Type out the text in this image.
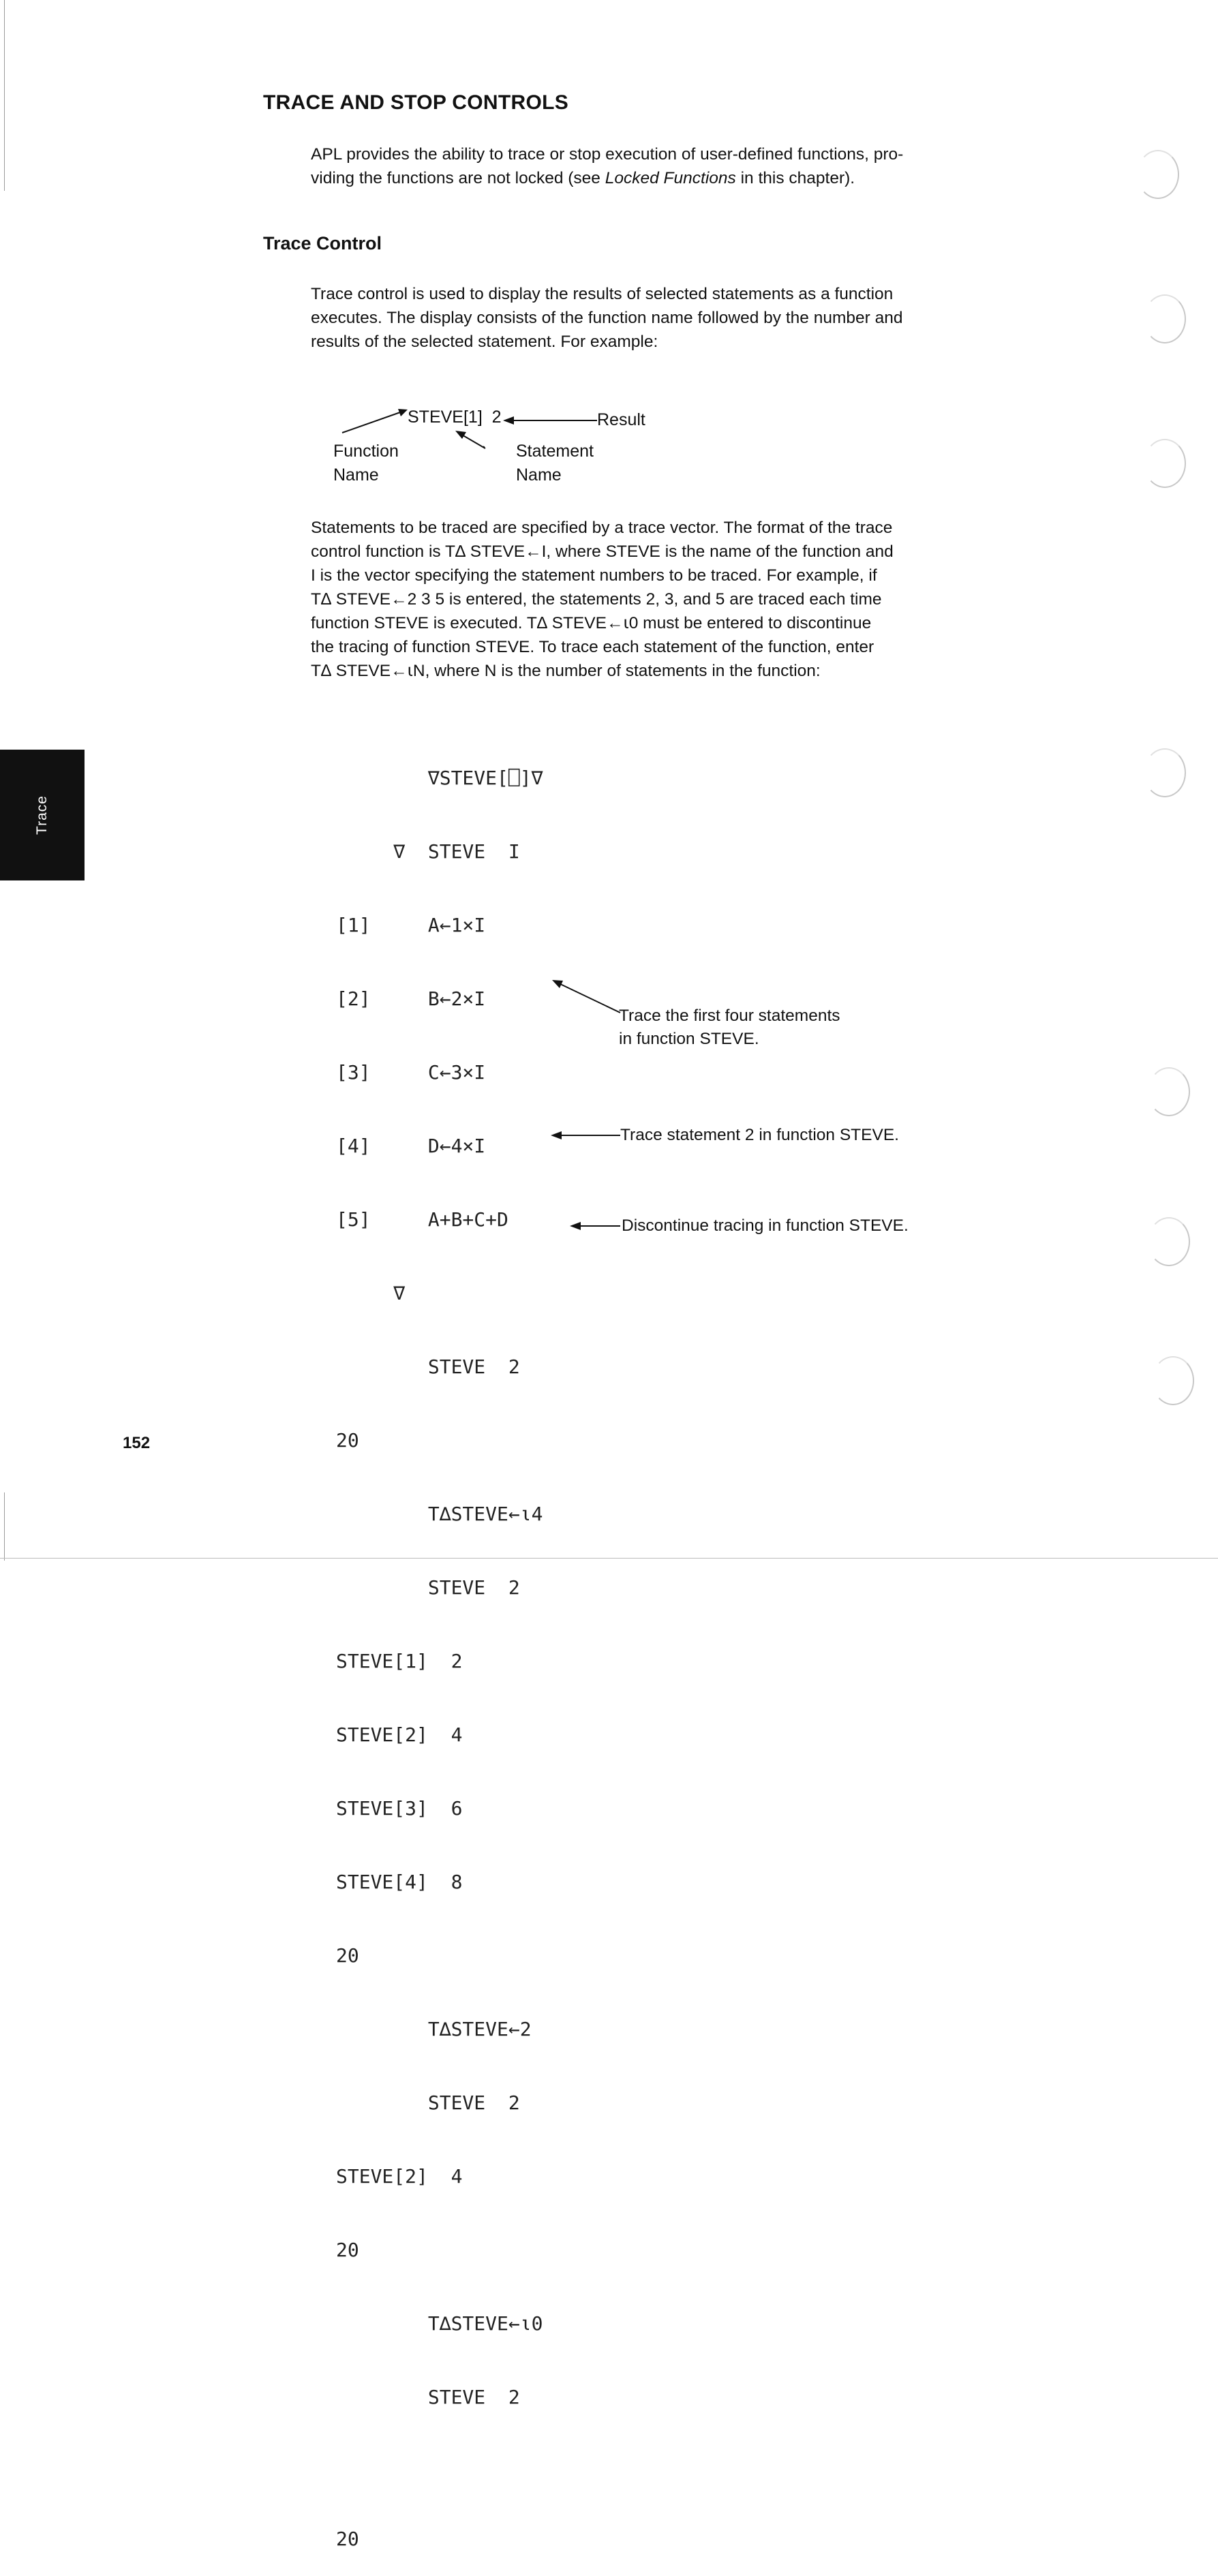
TRACE AND STOP CONTROLS
APL provides the ability to trace or stop execution of user-defined functions, pro-
viding the functions are not locked (see Locked Functions in this chapter).
Trace Control
Trace control is used to display the results of selected statements as a function
executes. The display consists of the function name followed by the number and
results of the selected statement. For example:
STEVE[1]  2	Result
Function
Name
Statement
Name
Statements to be traced are specified by a trace vector. The format of the trace
control function is T∆ STEVE←I, where STEVE is the name of the function and
I is the vector specifying the statement numbers to be traced. For example, if
T∆ STEVE←2 3 5 is entered, the statements 2, 3, and 5 are traced each time
function STEVE is executed. T∆ STEVE←⍳0 must be entered to discontinue
the tracing of function STEVE. To trace each statement of the function, enter
T∆ STEVE←⍳N, where N is the number of statements in the function:

∇STEVE[⎕]∇

∇  STEVE  I

[1]     A←1×I

[2]     B←2×I

[3]     C←3×I

[4]     D←4×I

[5]     A+B+C+D

∇

STEVE  2

20

T∆STEVE←⍳4

STEVE  2

STEVE[1]  2

STEVE[2]  4

STEVE[3]  6

STEVE[4]  8

20

T∆STEVE←2

STEVE  2

STEVE[2]  4

20

T∆STEVE←⍳0

STEVE  2

20

Trace the first four statements
in function STEVE.
Trace statement 2 in function STEVE.
Discontinue tracing in function STEVE.
Trace
152
